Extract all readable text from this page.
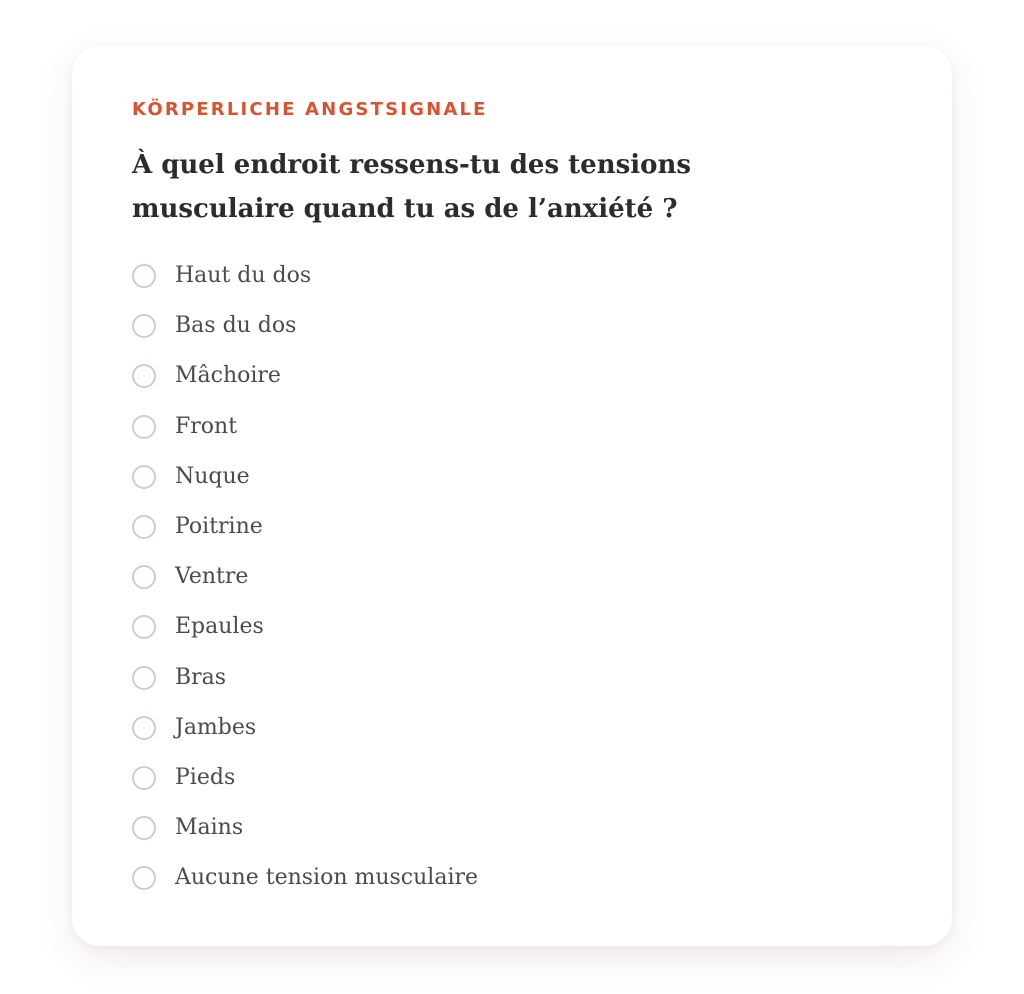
KÖRPERLICHE ANGSTSIGNALE

À quel endroit ressens-tu des tensions musculaire quand tu as de l’anxiété ?
Haut du dos
Bas du dos
Mâchoire
Front
Nuque
Poitrine
Ventre
Epaules
Bras
Jambes
Pieds
Mains
Aucune tension musculaire
